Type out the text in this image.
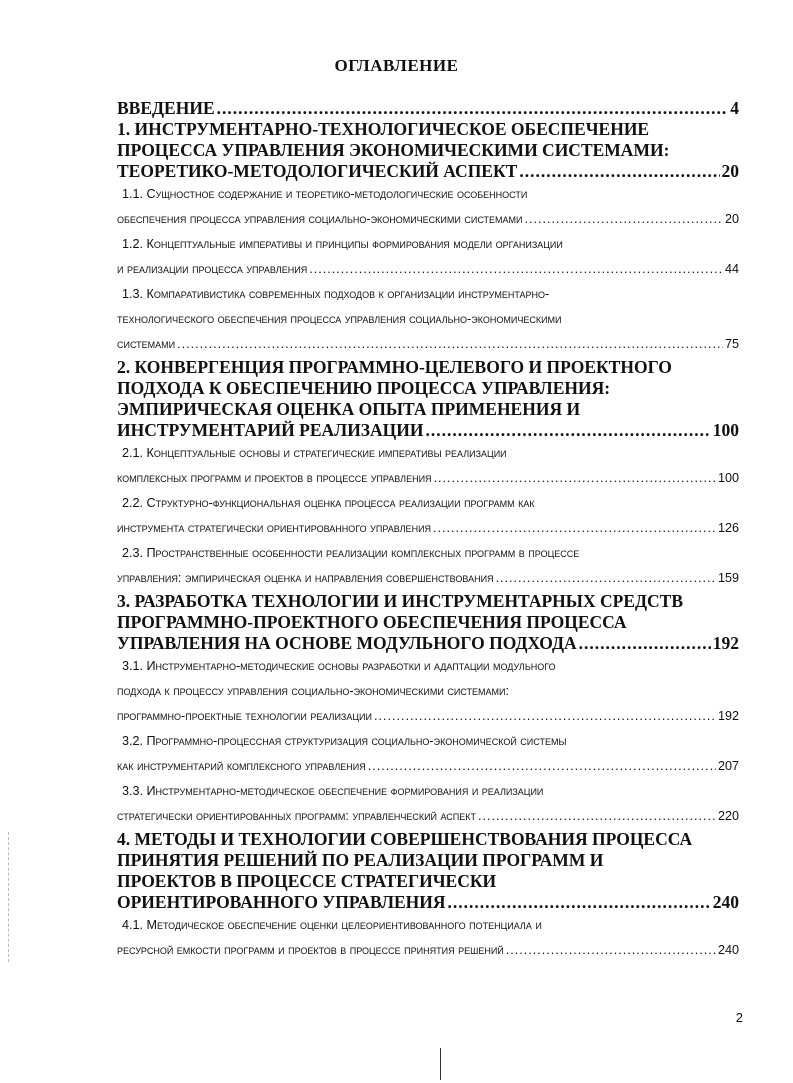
ОГЛАВЛЕНИЕ
ВВЕДЕНИЕ .....	4
1. ИНСТРУМЕНТАРНО-ТЕХНОЛОГИЧЕСКОЕ ОБЕСПЕЧЕНИЕ
ПРОЦЕССА УПРАВЛЕНИЯ ЭКОНОМИЧЕСКИМИ СИСТЕМАМИ:
ТЕОРЕТИКО-МЕТОДОЛОГИЧЕСКИЙ АСПЕКТ .....	20
1.1. Сущностное содержание и теоретико-методологические особенности
обеспечения процесса управления социально-экономическими системами .....	20
1.2. Концептуальные императивы и принципы формирования модели организации
и реализации процесса управления .....	44
1.3. Компаративистика современных подходов к организации инструментарно-
технологического обеспечения процесса управления социально-экономическими
системами .....	75
2. КОНВЕРГЕНЦИЯ ПРОГРАММНО-ЦЕЛЕВОГО И ПРОЕКТНОГО
ПОДХОДА К ОБЕСПЕЧЕНИЮ ПРОЦЕССА УПРАВЛЕНИЯ:
ЭМПИРИЧЕСКАЯ ОЦЕНКА ОПЫТА ПРИМЕНЕНИЯ И
ИНСТРУМЕНТАРИЙ РЕАЛИЗАЦИИ .....	100
2.1. Концептуальные основы и стратегические императивы реализации
комплексных программ и проектов в процессе управления .....	100
2.2. Структурно-функциональная оценка процесса реализации программ как
инструмента стратегически ориентированного управления .....	126
2.3. Пространственные особенности реализации комплексных программ в процессе
управления: эмпирическая оценка и направления совершенствования .....	159
3. РАЗРАБОТКА ТЕХНОЛОГИИ И ИНСТРУМЕНТАРНЫХ СРЕДСТВ
ПРОГРАММНО-ПРОЕКТНОГО ОБЕСПЕЧЕНИЯ ПРОЦЕССА
УПРАВЛЕНИЯ НА ОСНОВЕ МОДУЛЬНОГО ПОДХОДА .....	192
3.1. Инструментарно-методические основы разработки и адаптации модульного
подхода к процессу управления социально-экономическими системами:
программно-проектные технологии реализации .....	192
3.2. Программно-процессная структуризация социально-экономической системы
как инструментарий комплексного управления .....	207
3.3. Инструментарно-методическое обеспечение формирования и реализации
стратегически ориентированных программ: управленческий аспект .....	220
4. МЕТОДЫ И ТЕХНОЛОГИИ СОВЕРШЕНСТВОВАНИЯ ПРОЦЕССА
ПРИНЯТИЯ РЕШЕНИЙ ПО РЕАЛИЗАЦИИ ПРОГРАММ И
ПРОЕКТОВ В ПРОЦЕССЕ СТРАТЕГИЧЕСКИ
ОРИЕНТИРОВАННОГО УПРАВЛЕНИЯ .....	240
4.1. Методическое обеспечение оценки целеориентивованного потенциала и
ресурсной емкости программ и проектов в процессе принятия решений .....	240
2
